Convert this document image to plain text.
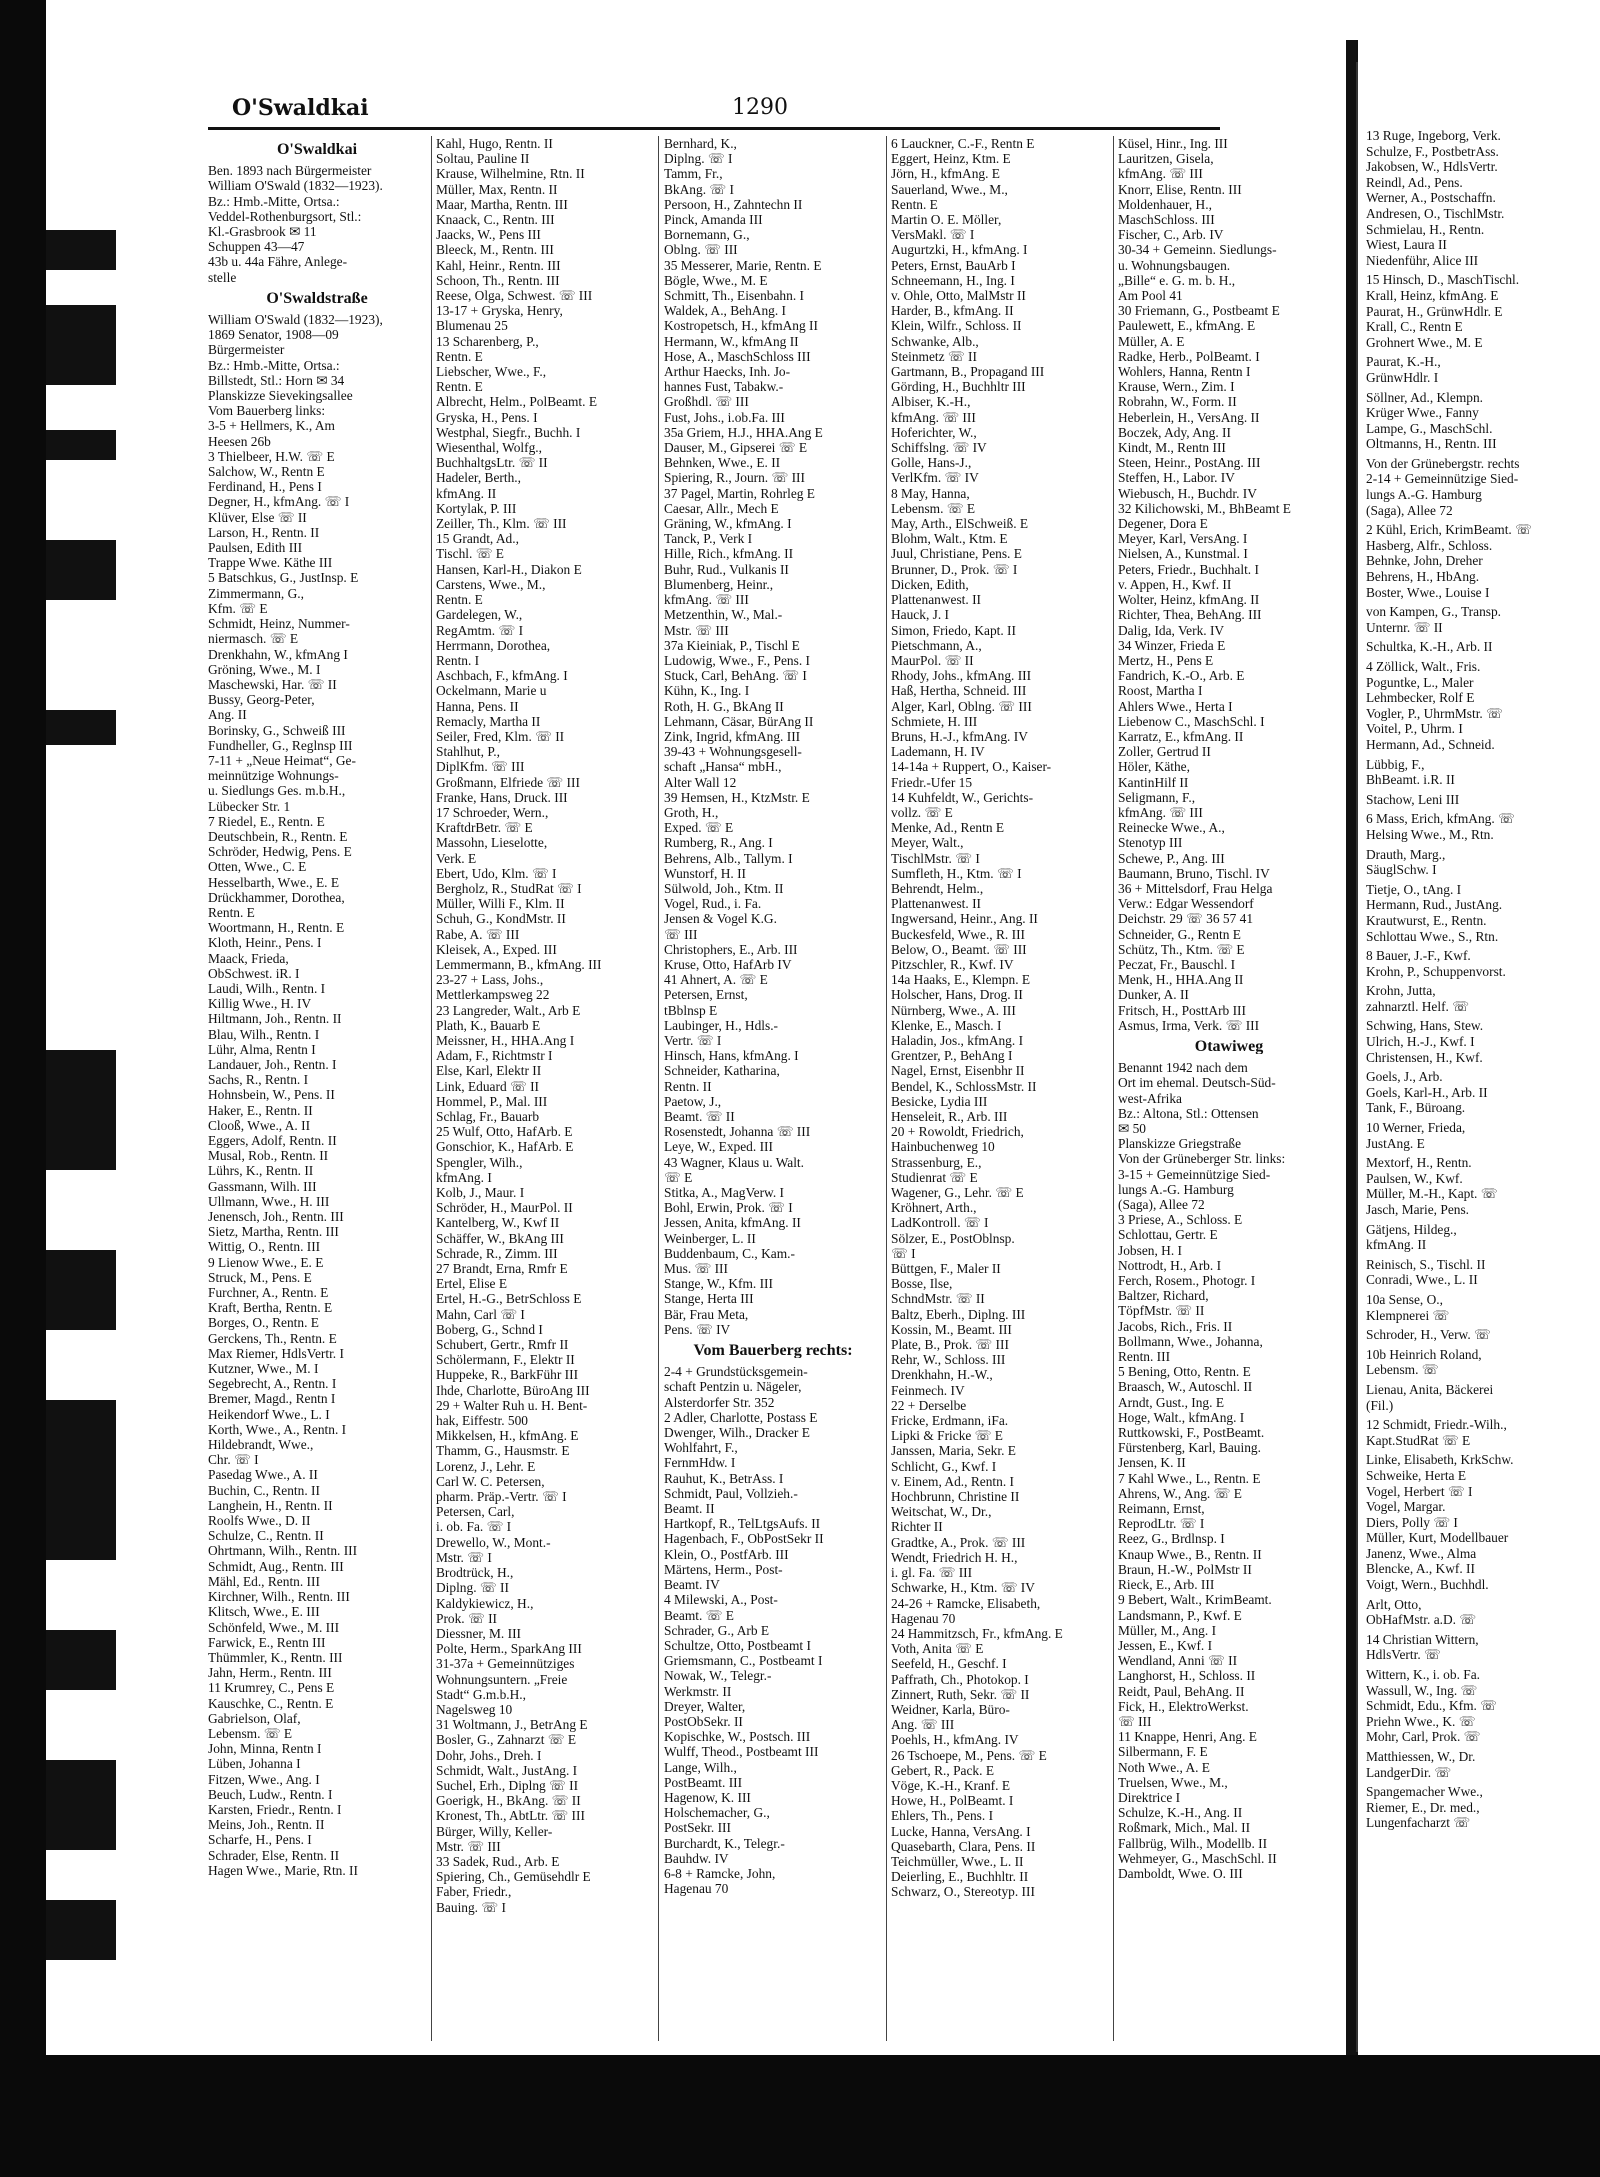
O'Swaldkai	1290
O'Swaldkai
Ben. 1893 nach Bürgermeister
William O'Swald (1832—1923).
Bz.: Hmb.-Mitte, Ortsa.:
Veddel-Rothenburgsort, Stl.:
Kl.-Grasbrook ✉ 11
Schuppen 43—47
43b u. 44a Fähre, Anlege-
stelle
O'Swaldstraße
William O'Swald (1832—1923),
1869 Senator, 1908—09
Bürgermeister
Bz.: Hmb.-Mitte, Ortsa.:
Billstedt, Stl.: Horn ✉ 34
Planskizze Sievekingsallee
Vom Bauerberg links:
3-5 + Hellmers, K., Am
Heesen 26b
3 Thielbeer, H.W. ☏ E
Salchow, W., Rentn E
Ferdinand, H., Pens I
Degner, H., kfmAng. ☏ I
Klüver, Else ☏ II
Larson, H., Rentn. II
Paulsen, Edith III
Trappe Wwe. Käthe III
5 Batschkus, G., JustInsp. E
Zimmermann, G.,
Kfm. ☏ E
Schmidt, Heinz, Nummer-
niermasch. ☏ E
Drenkhahn, W., kfmAng I
Gröning, Wwe., M. I
Maschewski, Har. ☏ II
Bussy, Georg-Peter,
Ang. II
Borinsky, G., Schweiß III
Fundheller, G., Reglnsp III
7-11 + „Neue Heimat“, Ge-
meinnützige Wohnungs-
u. Siedlungs Ges. m.b.H.,
Lübecker Str. 1
7 Riedel, E., Rentn. E
Deutschbein, R., Rentn. E
Schröder, Hedwig, Pens. E
Otten, Wwe., C. E
Hesselbarth, Wwe., E. E
Drückhammer, Dorothea,
Rentn. E
Woortmann, H., Rentn. E
Kloth, Heinr., Pens. I
Maack, Frieda,
ObSchwest. iR. I
Laudi, Wilh., Rentn. I
Killig Wwe., H. IV
Hiltmann, Joh., Rentn. II
Blau, Wilh., Rentn. I
Lühr, Alma, Rentn I
Landauer, Joh., Rentn. I
Sachs, R., Rentn. I
Hohnsbein, W., Pens. II
Haker, E., Rentn. II
Clooß, Wwe., A. II
Eggers, Adolf, Rentn. II
Musal, Rob., Rentn. II
Lührs, K., Rentn. II
Gassmann, Wilh. III
Ullmann, Wwe., H. III
Jenensch, Joh., Rentn. III
Sietz, Martha, Rentn. III
Wittig, O., Rentn. III
9 Lienow Wwe., E. E
Struck, M., Pens. E
Furchner, A., Rentn. E
Kraft, Bertha, Rentn. E
Borges, O., Rentn. E
Gerckens, Th., Rentn. E
Max Riemer, HdlsVertr. I
Kutzner, Wwe., M. I
Segebrecht, A., Rentn. I
Bremer, Magd., Rentn I
Heikendorf Wwe., L. I
Korth, Wwe., A., Rentn. I
Hildebrandt, Wwe.,
Chr. ☏ I
Pasedag Wwe., A. II
Buchin, C., Rentn. II
Langhein, H., Rentn. II
Roolfs Wwe., D. II
Schulze, C., Rentn. II
Ohrtmann, Wilh., Rentn. III
Schmidt, Aug., Rentn. III
Mähl, Ed., Rentn. III
Kirchner, Wilh., Rentn. III
Klitsch, Wwe., E. III
Schönfeld, Wwe., M. III
Farwick, E., Rentn III
Thümmler, K., Rentn. III
Jahn, Herm., Rentn. III
11 Krumrey, C., Pens E
Kauschke, C., Rentn. E
Gabrielson, Olaf,
Lebensm. ☏ E
John, Minna, Rentn I
Lüben, Johanna I
Fitzen, Wwe., Ang. I
Beuch, Ludw., Rentn. I
Karsten, Friedr., Rentn. I
Meins, Joh., Rentn. II
Scharfe, H., Pens. I
Schrader, Else, Rentn. II
Hagen Wwe., Marie, Rtn. II
Kahl, Hugo, Rentn. II
Soltau, Pauline II
Krause, Wilhelmine, Rtn. II
Müller, Max, Rentn. II
Maar, Martha, Rentn. III
Knaack, C., Rentn. III
Jaacks, W., Pens III
Bleeck, M., Rentn. III
Kahl, Heinr., Rentn. III
Schoon, Th., Rentn. III
Reese, Olga, Schwest. ☏ III
13-17 + Gryska, Henry,
Blumenau 25
13 Scharenberg, P.,
Rentn. E
Liebscher, Wwe., F.,
Rentn. E
Albrecht, Helm., PolBeamt. E
Gryska, H., Pens. I
Westphal, Siegfr., Buchh. I
Wiesenthal, Wolfg.,
BuchhaltgsLtr. ☏ II
Hadeler, Berth.,
kfmAng. II
Kortylak, P. III
Zeiller, Th., Klm. ☏ III
15 Grandt, Ad.,
Tischl. ☏ E
Hansen, Karl-H., Diakon E
Carstens, Wwe., M.,
Rentn. E
Gardelegen, W.,
RegAmtm. ☏ I
Herrmann, Dorothea,
Rentn. I
Aschbach, F., kfmAng. I
Ockelmann, Marie u
Hanna, Pens. II
Remacly, Martha II
Seiler, Fred, Klm. ☏ II
Stahlhut, P.,
DiplKfm. ☏ III
Großmann, Elfriede ☏ III
Franke, Hans, Druck. III
17 Schroeder, Wern.,
KraftdrBetr. ☏ E
Massohn, Lieselotte,
Verk. E
Ebert, Udo, Klm. ☏ I
Bergholz, R., StudRat ☏ I
Müller, Willi F., Klm. II
Schuh, G., KondMstr. II
Rabe, A. ☏ III
Kleisek, A., Exped. III
Lemmermann, B., kfmAng. III
23-27 + Lass, Johs.,
Mettlerkampsweg 22
23 Langreder, Walt., Arb E
Plath, K., Bauarb E
Meissner, H., HHA.Ang I
Adam, F., Richtmstr I
Else, Karl, Elektr II
Link, Eduard ☏ II
Hommel, P., Mal. III
Schlag, Fr., Bauarb
25 Wulf, Otto, HafArb. E
Gonschior, K., HafArb. E
Spengler, Wilh.,
kfmAng. I
Kolb, J., Maur. I
Schröder, H., MaurPol. II
Kantelberg, W., Kwf II
Schäffer, W., BkAng III
Schrade, R., Zimm. III
27 Brandt, Erna, Rmfr E
Ertel, Elise E
Ertel, H.-G., BetrSchloss E
Mahn, Carl ☏ I
Boberg, G., Schnd I
Schubert, Gertr., Rmfr II
Schölermann, F., Elektr II
Huppeke, R., BarkFühr III
Ihde, Charlotte, BüroAng III
29 + Walter Ruh u. H. Bent-
hak, Eiffestr. 500
Mikkelsen, H., kfmAng. E
Thamm, G., Hausmstr. E
Lorenz, J., Lehr. E
Carl W. C. Petersen,
pharm. Präp.-Vertr. ☏ I
Petersen, Carl,
i. ob. Fa. ☏ I
Drewello, W., Mont.-
Mstr. ☏ I
Brodtrück, H.,
Diplng. ☏ II
Kaldykiewicz, H.,
Prok. ☏ II
Diessner, M. III
Polte, Herm., SparkAng III
31-37a + Gemeinnütziges
Wohnungsuntern. „Freie
Stadt“ G.m.b.H.,
Nagelsweg 10
31 Woltmann, J., BetrAng E
Bosler, G., Zahnarzt ☏ E
Dohr, Johs., Dreh. I
Schmidt, Walt., JustAng. I
Suchel, Erh., Diplng ☏ II
Goerigk, H., BkAng. ☏ II
Kronest, Th., AbtLtr. ☏ III
Bürger, Willy, Keller-
Mstr. ☏ III
33 Sadek, Rud., Arb. E
Spiering, Ch., Gemüsehdlr E
Faber, Friedr.,
Bauing. ☏ I
Bernhard, K.,
Diplng. ☏ I
Tamm, Fr.,
BkAng. ☏ I
Persoon, H., Zahntechn II
Pinck, Amanda III
Bornemann, G.,
Oblng. ☏ III
35 Messerer, Marie, Rentn. E
Bögle, Wwe., M. E
Schmitt, Th., Eisenbahn. I
Waldek, A., BehAng. I
Kostropetsch, H., kfmAng II
Hermann, W., kfmAng II
Hose, A., MaschSchloss III
Arthur Haecks, Inh. Jo-
hannes Fust, Tabakw.-
Großhdl. ☏ III
Fust, Johs., i.ob.Fa. III
35a Griem, H.J., HHA.Ang E
Dauser, M., Gipserei ☏ E
Behnken, Wwe., E. II
Spiering, R., Journ. ☏ III
37 Pagel, Martin, Rohrleg E
Caesar, Allr., Mech E
Gräning, W., kfmAng. I
Tanck, P., Verk I
Hille, Rich., kfmAng. II
Buhr, Rud., Vulkanis II
Blumenberg, Heinr.,
kfmAng. ☏ III
Metzenthin, W., Mal.-
Mstr. ☏ III
37a Kieiniak, P., Tischl E
Ludowig, Wwe., F., Pens. I
Stuck, Carl, BehAng. ☏ I
Kühn, K., Ing. I
Roth, H. G., BkAng II
Lehmann, Cäsar, BürAng II
Zink, Ingrid, kfmAng. III
39-43 + Wohnungsgesell-
schaft „Hansa“ mbH.,
Alter Wall 12
39 Hemsen, H., KtzMstr. E
Groth, H.,
Exped. ☏ E
Rumberg, R., Ang. I
Behrens, Alb., Tallym. I
Wunstorf, H. II
Sülwold, Joh., Ktm. II
Vogel, Rud., i. Fa.
Jensen & Vogel K.G.
☏ III
Christophers, E., Arb. III
Kruse, Otto, HafArb IV
41 Ahnert, A. ☏ E
Petersen, Ernst,
tBblnsp E
Laubinger, H., Hdls.-
Vertr. ☏ I
Hinsch, Hans, kfmAng. I
Schneider, Katharina,
Rentn. II
Paetow, J.,
Beamt. ☏ II
Rosenstedt, Johanna ☏ III
Leye, W., Exped. III
43 Wagner, Klaus u. Walt.
☏ E
Stitka, A., MagVerw. I
Bohl, Erwin, Prok. ☏ I
Jessen, Anita, kfmAng. II
Weinberger, L. II
Buddenbaum, C., Kam.-
Mus. ☏ III
Stange, W., Kfm. III
Stange, Herta III
Bär, Frau Meta,
Pens. ☏ IV
Vom Bauerberg rechts:
2-4 + Grundstücksgemein-
schaft Pentzin u. Nägeler,
Alsterdorfer Str. 352
2 Adler, Charlotte, Postass E
Dwenger, Wilh., Dracker E
Wohlfahrt, F.,
FernmHdw. I
Rauhut, K., BetrAss. I
Schmidt, Paul, Vollzieh.-
Beamt. II
Hartkopf, R., TelLtgsAufs. II
Hagenbach, F., ObPostSekr II
Klein, O., PostfArb. III
Märtens, Herm., Post-
Beamt. IV
4 Milewski, A., Post-
Beamt. ☏ E
Schrader, G., Arb E
Schultze, Otto, Postbeamt I
Griemsmann, C., Postbeamt I
Nowak, W., Telegr.-
Werkmstr. II
Dreyer, Walter,
PostObSekr. II
Kopischke, W., Postsch. III
Wulff, Theod., Postbeamt III
Lange, Wilh.,
PostBeamt. III
Hagenow, K. III
Holschemacher, G.,
PostSekr. III
Burchardt, K., Telegr.-
Bauhdw. IV
6-8 + Ramcke, John,
Hagenau 70
6 Lauckner, C.-F., Rentn E
Eggert, Heinz, Ktm. E
Jörn, H., kfmAng. E
Sauerland, Wwe., M.,
Rentn. E
Martin O. E. Möller,
VersMakl. ☏ I
Augurtzki, H., kfmAng. I
Peters, Ernst, BauArb I
Schneemann, H., Ing. I
v. Ohle, Otto, MalMstr II
Harder, B., kfmAng. II
Klein, Wilfr., Schloss. II
Schwanke, Alb.,
Steinmetz ☏ II
Gartmann, B., Propagand III
Görding, H., Buchhltr III
Albiser, K.-H.,
kfmAng. ☏ III
Hoferichter, W.,
Schiffslng. ☏ IV
Golle, Hans-J.,
VerlKfm. ☏ IV
8 May, Hanna,
Lebensm. ☏ E
May, Arth., ElSchweiß. E
Blohm, Walt., Ktm. E
Juul, Christiane, Pens. E
Brunner, D., Prok. ☏ I
Dicken, Edith,
Plattenanwest. II
Hauck, J. I
Simon, Friedo, Kapt. II
Pietschmann, A.,
MaurPol. ☏ II
Rhody, Johs., kfmAng. III
Haß, Hertha, Schneid. III
Alger, Karl, Oblng. ☏ III
Schmiete, H. III
Bruns, H.-J., kfmAng. IV
Lademann, H. IV
14-14a + Ruppert, O., Kaiser-
Friedr.-Ufer 15
14 Kuhfeldt, W., Gerichts-
vollz. ☏ E
Menke, Ad., Rentn E
Meyer, Walt.,
TischlMstr. ☏ I
Sumfleth, H., Ktm. ☏ I
Behrendt, Helm.,
Plattenanwest. II
Ingwersand, Heinr., Ang. II
Buckesfeld, Wwe., R. III
Below, O., Beamt. ☏ III
Pitzschler, R., Kwf. IV
14a Haaks, E., Klempn. E
Holscher, Hans, Drog. II
Nürnberg, Wwe., A. III
Klenke, E., Masch. I
Haladin, Jos., kfmAng. I
Grentzer, P., BehAng I
Nagel, Ernst, Eisenbhr II
Bendel, K., SchlossMstr. II
Besicke, Lydia III
Henseleit, R., Arb. III
20 + Rowoldt, Friedrich,
Hainbuchenweg 10
Strassenburg, E.,
Studienrat ☏ E
Wagener, G., Lehr. ☏ E
Kröhnert, Arth.,
LadKontroll. ☏ I
Sölzer, E., PostOblnsp.
☏ I
Büttgen, F., Maler II
Bosse, Ilse,
SchndMstr. ☏ II
Baltz, Eberh., Diplng. III
Kossin, M., Beamt. III
Plate, B., Prok. ☏ III
Rehr, W., Schloss. III
Drenkhahn, H.-W.,
Feinmech. IV
22 + Derselbe
Fricke, Erdmann, iFa.
Lipki & Fricke ☏ E
Janssen, Maria, Sekr. E
Schlicht, G., Kwf. I
v. Einem, Ad., Rentn. I
Hochbrunn, Christine II
Weitschat, W., Dr.,
Richter II
Gradtke, A., Prok. ☏ III
Wendt, Friedrich H. H.,
i. gl. Fa. ☏ III
Schwarke, H., Ktm. ☏ IV
24-26 + Ramcke, Elisabeth,
Hagenau 70
24 Hammitzsch, Fr., kfmAng. E
Voth, Anita ☏ E
Seefeld, H., Geschf. I
Paffrath, Ch., Photokop. I
Zinnert, Ruth, Sekr. ☏ II
Weidner, Karla, Büro-
Ang. ☏ III
Poehls, H., kfmAng. IV
26 Tschoepe, M., Pens. ☏ E
Gebert, R., Pack. E
Vöge, K.-H., Kranf. E
Howe, H., PolBeamt. I
Ehlers, Th., Pens. I
Lucke, Hanna, VersAng. I
Quasebarth, Clara, Pens. II
Teichmüller, Wwe., L. II
Deierling, E., Buchhltr. II
Schwarz, O., Stereotyp. III
Küsel, Hinr., Ing. III
Lauritzen, Gisela,
kfmAng. ☏ III
Knorr, Elise, Rentn. III
Moldenhauer, H.,
MaschSchloss. III
Fischer, C., Arb. IV
30-34 + Gemeinn. Siedlungs-
u. Wohnungsbaugen.
„Bille“ e. G. m. b. H.,
Am Pool 41
30 Friemann, G., Postbeamt E
Paulewett, E., kfmAng. E
Müller, A. E
Radke, Herb., PolBeamt. I
Wohlers, Hanna, Rentn I
Krause, Wern., Zim. I
Robrahn, W., Form. II
Heberlein, H., VersAng. II
Boczek, Ady, Ang. II
Kindt, M., Rentn III
Steen, Heinr., PostAng. III
Steffen, H., Labor. IV
Wiebusch, H., Buchdr. IV
32 Kilichowski, M., BhBeamt E
Degener, Dora E
Meyer, Karl, VersAng. I
Nielsen, A., Kunstmal. I
Peters, Friedr., Buchhalt. I
v. Appen, H., Kwf. II
Wolter, Heinz, kfmAng. II
Richter, Thea, BehAng. III
Dalig, Ida, Verk. IV
34 Winzer, Frieda E
Mertz, H., Pens E
Fandrich, K.-O., Arb. E
Roost, Martha I
Ahlers Wwe., Herta I
Liebenow C., MaschSchl. I
Karratz, E., kfmAng. II
Zoller, Gertrud II
Höler, Käthe,
KantinHilf II
Seligmann, F.,
kfmAng. ☏ III
Reinecke Wwe., A.,
Stenotyp III
Schewe, P., Ang. III
Baumann, Bruno, Tischl. IV
36 + Mittelsdorf, Frau Helga
Verw.: Edgar Wessendorf
Deichstr. 29 ☏ 36 57 41
Schneider, G., Rentn E
Schütz, Th., Ktm. ☏ E
Peczat, Fr., Bauschl. I
Menk, H., HHA.Ang II
Dunker, A. II
Fritsch, H., PosttArb III
Asmus, Irma, Verk. ☏ III
Otawiweg
Benannt 1942 nach dem
Ort im ehemal. Deutsch-Süd-
west-Afrika
Bz.: Altona, Stl.: Ottensen
✉ 50
Planskizze Griegstraße
Von der Grüneberger Str. links:
3-15 + Gemeinnützige Sied-
lungs A.-G. Hamburg
(Saga), Allee 72
3 Priese, A., Schloss. E
Schlottau, Gertr. E
Jobsen, H. I
Nottrodt, H., Arb. I
Ferch, Rosem., Photogr. I
Baltzer, Richard,
TöpfMstr. ☏ II
Jacobs, Rich., Fris. II
Bollmann, Wwe., Johanna,
Rentn. III
5 Bening, Otto, Rentn. E
Braasch, W., Autoschl. II
Arndt, Gust., Ing. E
Hoge, Walt., kfmAng. I
Ruttkowski, F., PostBeamt.
Fürstenberg, Karl, Bauing.
Jensen, K. II
7 Kahl Wwe., L., Rentn. E
Ahrens, W., Ang. ☏ E
Reimann, Ernst,
ReprodLtr. ☏ I
Reez, G., Brdlnsp. I
Knaup Wwe., B., Rentn. II
Braun, H.-W., PolMstr II
Rieck, E., Arb. III
9 Bebert, Walt., KrimBeamt.
Landsmann, P., Kwf. E
Müller, M., Ang. I
Jessen, E., Kwf. I
Wendland, Anni ☏ II
Langhorst, H., Schloss. II
Reidt, Paul, BehAng. II
Fick, H., ElektroWerkst.
☏ III
11 Knappe, Henri, Ang. E
Silbermann, F. E
Noth Wwe., A. E
Truelsen, Wwe., M.,
Direktrice I
Schulze, K.-H., Ang. II
Roßmark, Mich., Mal. II
Fallbrüg, Wilh., Modellb. II
Wehmeyer, G., MaschSchl. II
Damboldt, Wwe. O. III
13 Ruge, Ingeborg, Verk.
Schulze, F., PostbetrAss.
Jakobsen, W., HdlsVertr.
Reindl, Ad., Pens.
Werner, A., Postschaffn.
Andresen, O., TischlMstr.
Schmielau, H., Rentn.
Wiest, Laura II
Niedenführ, Alice III
15 Hinsch, D., MaschTischl.
Krall, Heinz, kfmAng. E
Paurat, H., GrünwHdlr. E
Krall, C., Rentn E
Grohnert Wwe., M. E
Paurat, K.-H.,
GrünwHdlr. I
Söllner, Ad., Klempn.
Krüger Wwe., Fanny
Lampe, G., MaschSchl.
Oltmanns, H., Rentn. III
Von der Grünebergstr. rechts
2-14 + Gemeinnützige Sied-
lungs A.-G. Hamburg
(Saga), Allee 72
2 Kühl, Erich, KrimBeamt. ☏
Hasberg, Alfr., Schloss.
Behnke, John, Dreher
Behrens, H., HbAng.
Boster, Wwe., Louise I
von Kampen, G., Transp.
Unternr. ☏ II
Schultka, K.-H., Arb. II
4 Zöllick, Walt., Fris.
Poguntke, L., Maler
Lehmbecker, Rolf E
Vogler, P., UhrmMstr. ☏
Voitel, P., Uhrm. I
Hermann, Ad., Schneid.
Lübbig, F.,
BhBeamt. i.R. II
Stachow, Leni III
6 Mass, Erich, kfmAng. ☏
Helsing Wwe., M., Rtn.
Drauth, Marg.,
SäuglSchw. I
Tietje, O., tAng. I
Hermann, Rud., JustAng.
Krautwurst, E., Rentn.
Schlottau Wwe., S., Rtn.
8 Bauer, J.-F., Kwf.
Krohn, P., Schuppenvorst.
Krohn, Jutta,
zahnarztl. Helf. ☏
Schwing, Hans, Stew.
Ulrich, H.-J., Kwf. I
Christensen, H., Kwf.
Goels, J., Arb.
Goels, Karl-H., Arb. II
Tank, F., Büroang.
10 Werner, Frieda,
JustAng. E
Mextorf, H., Rentn.
Paulsen, W., Kwf.
Müller, M.-H., Kapt. ☏
Jasch, Marie, Pens.
Gätjens, Hildeg.,
kfmAng. II
Reinisch, S., Tischl. II
Conradi, Wwe., L. II
10a Sense, O.,
Klempnerei ☏
Schroder, H., Verw. ☏
10b Heinrich Roland,
Lebensm. ☏
Lienau, Anita, Bäckerei
(Fil.)
12 Schmidt, Friedr.-Wilh.,
Kapt.StudRat ☏ E
Linke, Elisabeth, KrkSchw.
Schweike, Herta E
Vogel, Herbert ☏ I
Vogel, Margar.
Diers, Polly ☏ I
Müller, Kurt, Modellbauer
Janenz, Wwe., Alma
Blencke, A., Kwf. II
Voigt, Wern., Buchhdl.
Arlt, Otto,
ObHafMstr. a.D. ☏
14 Christian Wittern,
HdlsVertr. ☏
Wittern, K., i. ob. Fa.
Wassull, W., Ing. ☏
Schmidt, Edu., Kfm. ☏
Priehn Wwe., K. ☏
Mohr, Carl, Prok. ☏
Matthiessen, W., Dr.
LandgerDir. ☏
Spangemacher Wwe.,
Riemer, E., Dr. med.,
Lungenfacharzt ☏
